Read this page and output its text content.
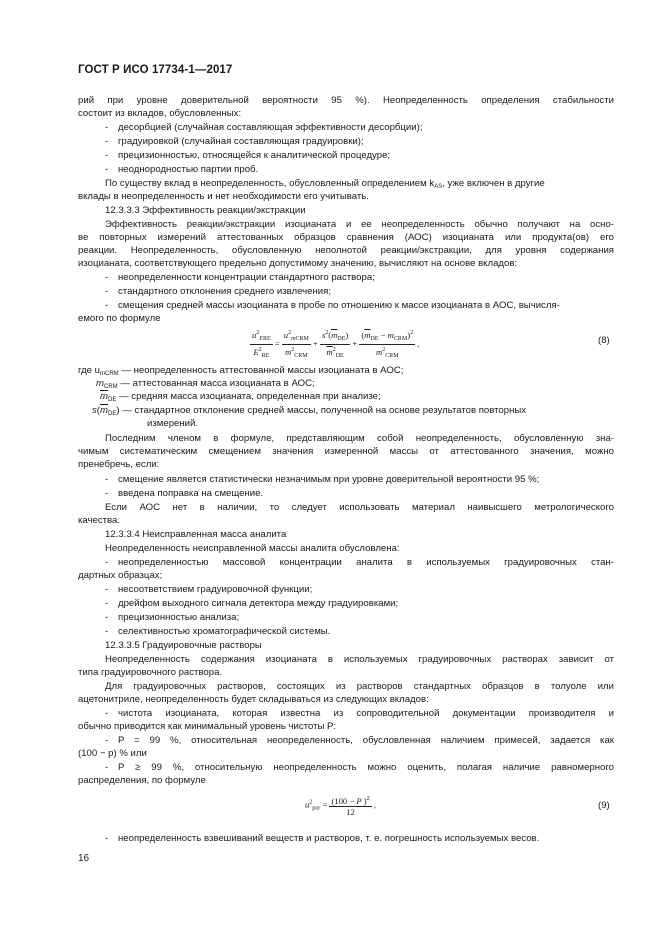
ГОСТ Р ИСО 17734-1—2017
рий при уровне доверительной вероятности 95 %). Неопределенность определения стабильности
состоит из вкладов, обусловленных:
- десорбцией (случайная составляющая эффективности десорбции);
- градуировкой (случайная составляющая градуировки);
- прецизионностью, относящейся к аналитической процедуре;
- неоднородностью партии проб.
По существу вклад в неопределенность, обусловленный определением $k_{AS}$, уже включен в другие
вклады в неопределенность и нет необходимости его учитывать.
12.3.3.3 Эффективность реакции/экстракции
Эффективность реакции/экстракции изоцианата и ее неопределенность обычно получают на осно-
ве повторных измерений аттестованных образцов сравнения (АОС) изоцианата или продукта(ов) его
реакции. Неопределенность, обусловленную неполнотой реакции/экстракции, для уровня содержания
изоцианата, соответствующего предельно допустимому значению, вычисляют на основе вкладов:
- неопределенности концентрации стандартного раствора;
- стандартного отклонения среднего извлечения;
- смещения средней массы изоцианата в пробе по отношению к массе изоцианата в АОС, вычисля-
емого по формуле
$\frac{u^2_{ERE}}{E^2_{RE}} = \frac{u^2_{mCRM}}{m^2_{CRM}} + \frac{s^2(\overline{m}_{DE})}{\overline{m}^2_{DE}} + \frac{(\overline{m}_{DE} - m_{CRM})^2}{m^2_{CRM}}$ ,	(8)
где $u_{mCRM}$ — неопределенность аттестованной массы изоцианата в АОС;
$m_{CRM}$ — аттестованная масса изоцианата в АОС;
$\overline{m}_{DE}$ — средняя масса изоцианата, определенная при анализе;
$s(\overline{m}_{DE})$ — стандартное отклонение средней массы, полученной на основе результатов повторных
измерений.
Последним членом в формуле, представляющим собой неопределенность, обусловленную зна-
чимым систематическим смещением значения измеренной массы от аттестованного значения, можно
пренебречь, если:
- смещение является статистически незначимым при уровне доверительной вероятности 95 %;
- введена поправка на смещение.
Если АОС нет в наличии, то следует использовать материал наивысшего метрологического
качества.
12.3.3.4 Неисправленная масса аналита
Неопределенность неисправленной массы аналита обусловлена:
- неопределенностью массовой концентрации аналита в используемых градуировочных стан-
дартных образцах;
- несоответствием градуировочной функции;
- дрейфом выходного сигнала детектора между градуировками;
- прецизионностью анализа;
- селективностью хроматографической системы.
12.3.3.5 Градуировочные растворы
Неопределенность содержания изоцианата в используемых градуировочных растворах зависит от
типа градуировочного раствора.
Для градуировочных растворов, состоящих из растворов стандартных образцов в толуоле или
ацетонитриле, неопределенность будет складываться из следующих вкладов:
- чистота изоцианата, которая известна из сопроводительной документации производителя и
обычно приводится как минимальный уровень чистоты P:
- P = 99 %, относительная неопределенность, обусловленная наличием примесей, задается как
(100 − p) % или
- P ≥ 99 %, относительную неопределенность можно оценить, полагая наличие равномерного
распределения, по формуле
$u^2_{pur} = \frac{(100 - P )^2}{12}$ ,	(9)
- неопределенность взвешиваний веществ и растворов, т. е. погрешность используемых весов.
16
